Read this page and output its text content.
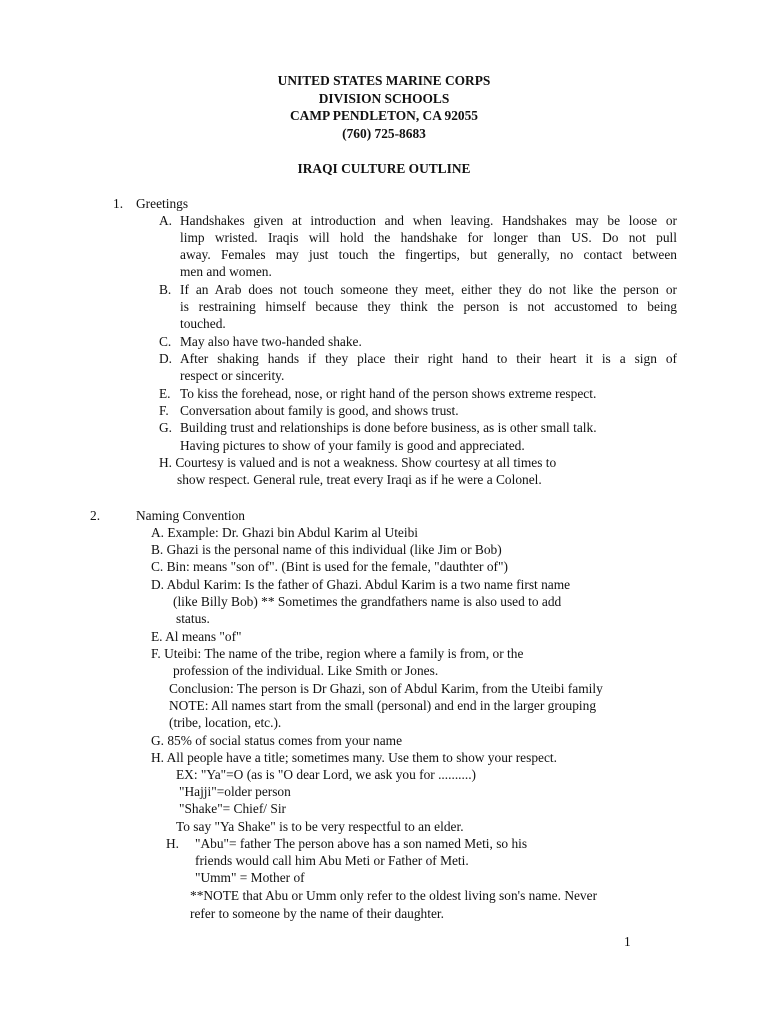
UNITED STATES MARINE CORPS
DIVISION SCHOOLS
CAMP PENDLETON, CA 92055
(760) 725-8683
IRAQI CULTURE OUTLINE
1. Greetings
A. Handshakes given at introduction and when leaving. Handshakes may be loose or
limp wristed. Iraqis will hold the handshake for longer than US. Do not pull
away. Females may just touch the fingertips, but generally, no contact between
men and women.
B. If an Arab does not touch someone they meet, either they do not like the person or
is restraining himself because they think the person is not accustomed to being
touched.
C. May also have two-handed shake.
D. After shaking hands if they place their right hand to their heart it is a sign of
respect or sincerity.
E. To kiss the forehead, nose, or right hand of the person shows extreme respect.
F. Conversation about family is good, and shows trust.
G. Building trust and relationships is done before business, as is other small talk.
Having pictures to show of your family is good and appreciated.
H. Courtesy is valued and is not a weakness. Show courtesy at all times to
show respect. General rule, treat every Iraqi as if he were a Colonel.
2.	Naming Convention
A. Example: Dr. Ghazi bin Abdul Karim al Uteibi
B. Ghazi is the personal name of this individual (like Jim or Bob)
C. Bin: means "son of". (Bint is used for the female, "dauthter of")
D. Abdul Karim: Is the father of Ghazi. Abdul Karim is a two name first name
(like Billy Bob) ** Sometimes the grandfathers name is also used to add
status.
E. Al means "of"
F. Uteibi: The name of the tribe, region where a family is from, or the
profession of the individual. Like Smith or Jones.
Conclusion: The person is Dr Ghazi, son of Abdul Karim, from the Uteibi family
NOTE: All names start from the small (personal) and end in the larger grouping
(tribe, location, etc.).
G. 85% of social status comes from your name
H. All people have a title; sometimes many. Use them to show your respect.
EX: "Ya"=O (as is "O dear Lord, we ask you for ..........)
"Hajji"=older person
"Shake"= Chief/ Sir
To say "Ya Shake" is to be very respectful to an elder.
H. "Abu"= father The person above has a son named Meti, so his
friends would call him Abu Meti or Father of Meti.
"Umm" = Mother of
**NOTE that Abu or Umm only refer to the oldest living son's name. Never
refer to someone by the name of their daughter.
1
